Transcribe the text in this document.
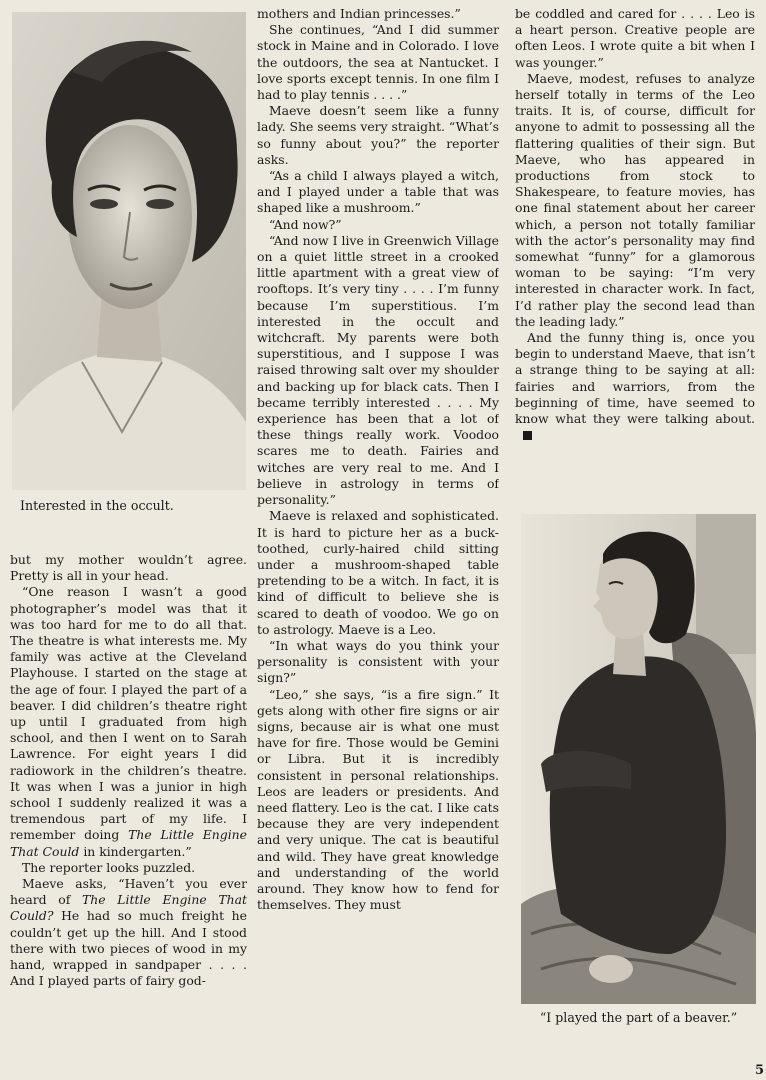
Interested in the occult.

but my mother wouldn’t agree. Pretty is all in your head.

“One reason I wasn’t a good photographer’s model was that it was too hard for me to do all that. The theatre is what interests me. My family was active at the Cleveland Playhouse. I started on the stage at the age of four. I played the part of a beaver. I did children’s theatre right up until I graduated from high school, and then I went on to Sarah Lawrence. For eight years I did radiowork in the children’s theatre. It was when I was a junior in high school I suddenly realized it was a tremendous part of my life. I remember doing The Little Engine That Could in kindergarten.”

The reporter looks puzzled.

Maeve asks, “Haven’t you ever heard of The Little Engine That Could? He had so much freight he couldn’t get up the hill. And I stood there with two pieces of wood in my hand, wrapped in sandpaper . . . . And I played parts of fairy god-

mothers and Indian princesses.”

She continues, “And I did summer stock in Maine and in Colorado. I love the outdoors, the sea at Nantucket. I love sports except tennis. In one film I had to play tennis . . . .”

Maeve doesn’t seem like a funny lady. She seems very straight. “What’s so funny about you?” the reporter asks.

“As a child I always played a witch, and I played under a table that was shaped like a mushroom.”

“And now?”

“And now I live in Greenwich Village on a quiet little street in a crooked little apartment with a great view of rooftops. It’s very tiny . . . . I’m funny because I’m superstitious. I’m interested in the occult and witchcraft. My parents were both superstitious, and I suppose I was raised throwing salt over my shoulder and backing up for black cats. Then I became terribly interested . . . . My experience has been that a lot of these things really work. Voodoo scares me to death. Fairies and witches are very real to me. And I believe in astrology in terms of personality.”

Maeve is relaxed and sophisticated. It is hard to picture her as a buck-toothed, curly-haired child sitting under a mushroom-shaped table pretending to be a witch. In fact, it is kind of difficult to believe she is scared to death of voodoo. We go on to astrology. Maeve is a Leo.

“In what ways do you think your personality is consistent with your sign?”

“Leo,” she says, “is a fire sign.” It gets along with other fire signs or air signs, because air is what one must have for fire. Those would be Gemini or Libra. But it is incredibly consistent in personal relationships. Leos are leaders or presidents. And need flattery. Leo is the cat. I like cats because they are very independent and very unique. The cat is beautiful and wild. They have great knowledge and understanding of the world around. They know how to fend for themselves. They must

be coddled and cared for . . . . Leo is a heart person. Creative people are often Leos. I wrote quite a bit when I was younger.”

Maeve, modest, refuses to analyze herself totally in terms of the Leo traits. It is, of course, difficult for anyone to admit to possessing all the flattering qualities of their sign. But Maeve, who has appeared in productions from stock to Shakespeare, to feature movies, has one final statement about her career which, a person not totally familiar with the actor’s personality may find somewhat “funny” for a glamorous woman to be saying: “I’m very interested in character work. In fact, I’d rather play the second lead than the leading lady.”

And the funny thing is, once you begin to understand Maeve, that isn’t a strange thing to be saying at all: fairies and warriors, from the beginning of time, have seemed to know what they were talking about.

“I played the part of a beaver.”
5
